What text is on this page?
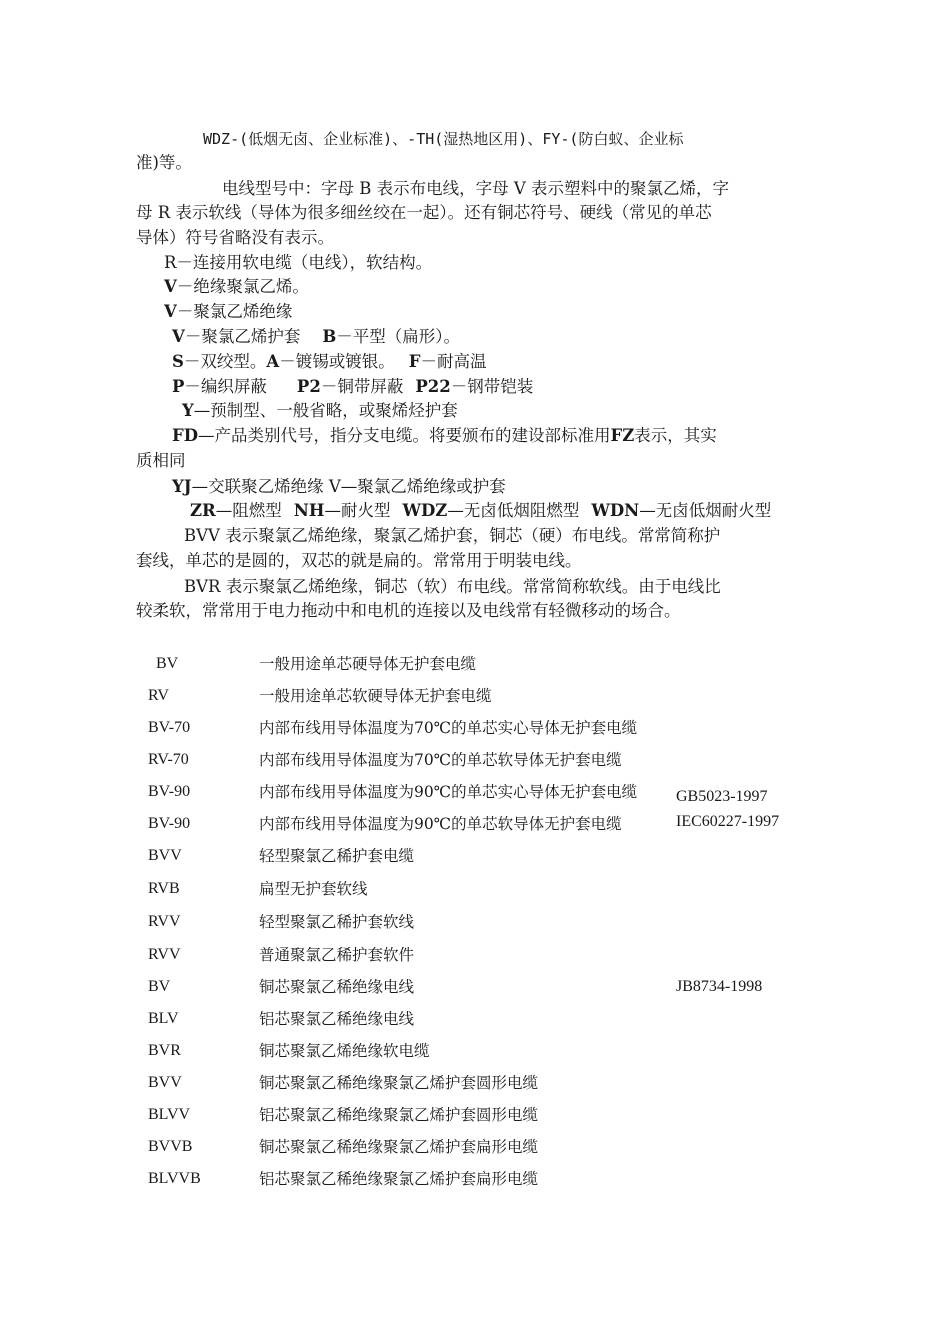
WDZ-(低烟无卤、企业标准)、-TH(湿热地区用)、FY-(防白蚁、企业标
准)等。
电线型号中：字母 B 表示布电线，字母 V 表示塑料中的聚氯乙烯，字
母 R 表示软线（导体为很多细丝绞在一起）。还有铜芯符号、硬线（常见的单芯
导体）符号省略没有表示。
R－连接用软电缆（电线），软结构。
V－绝缘聚氯乙烯。
V－聚氯乙烯绝缘
V－聚氯乙烯护套 B－平型（扁形）。
S－双绞型。A－镀锡或镀银。 F－耐高温
P－编织屏蔽 P2－铜带屏蔽 P22－钢带铠装
Y—预制型、一般省略，或聚烯烃护套
FD—产品类别代号，指分支电缆。将要颁布的建设部标准用FZ表示，其实
质相同
YJ—交联聚乙烯绝缘 V—聚氯乙烯绝缘或护套
ZR—阻燃型 NH—耐火型 WDZ—无卤低烟阻燃型 WDN—无卤低烟耐火型
BVV 表示聚氯乙烯绝缘，聚氯乙烯护套，铜芯（硬）布电线。常常简称护
套线，单芯的是圆的，双芯的就是扁的。常常用于明装电线。
BVR 表示聚氯乙烯绝缘，铜芯（软）布电线。常常简称软线。由于电线比
较柔软，常常用于电力拖动中和电机的连接以及电线常有轻微移动的场合。
BV	一般用途单芯硬导体无护套电缆
RV	一般用途单芯软硬导体无护套电缆
BV-70	内部布线用导体温度为70℃的单芯实心导体无护套电缆
RV-70	内部布线用导体温度为70℃的单芯软导体无护套电缆
BV-90	内部布线用导体温度为90℃的单芯实心导体无护套电缆 GB5023-1997
BV-90	内部布线用导体温度为90℃的单芯软导体无护套电缆	IEC60227-1997
BVV	轻型聚氯乙稀护套电缆
RVB	扁型无护套软线
RVV	轻型聚氯乙稀护套软线
RVV	普通聚氯乙稀护套软件
BV	铜芯聚氯乙稀绝缘电线	JB8734-1998
BLV	铝芯聚氯乙稀绝缘电线
BVR	铜芯聚氯乙烯绝缘软电缆
BVV	铜芯聚氯乙稀绝缘聚氯乙烯护套圆形电缆
BLVV	铝芯聚氯乙稀绝缘聚氯乙烯护套圆形电缆
BVVB	铜芯聚氯乙稀绝缘聚氯乙烯护套扁形电缆
BLVVB	铝芯聚氯乙稀绝缘聚氯乙烯护套扁形电缆
